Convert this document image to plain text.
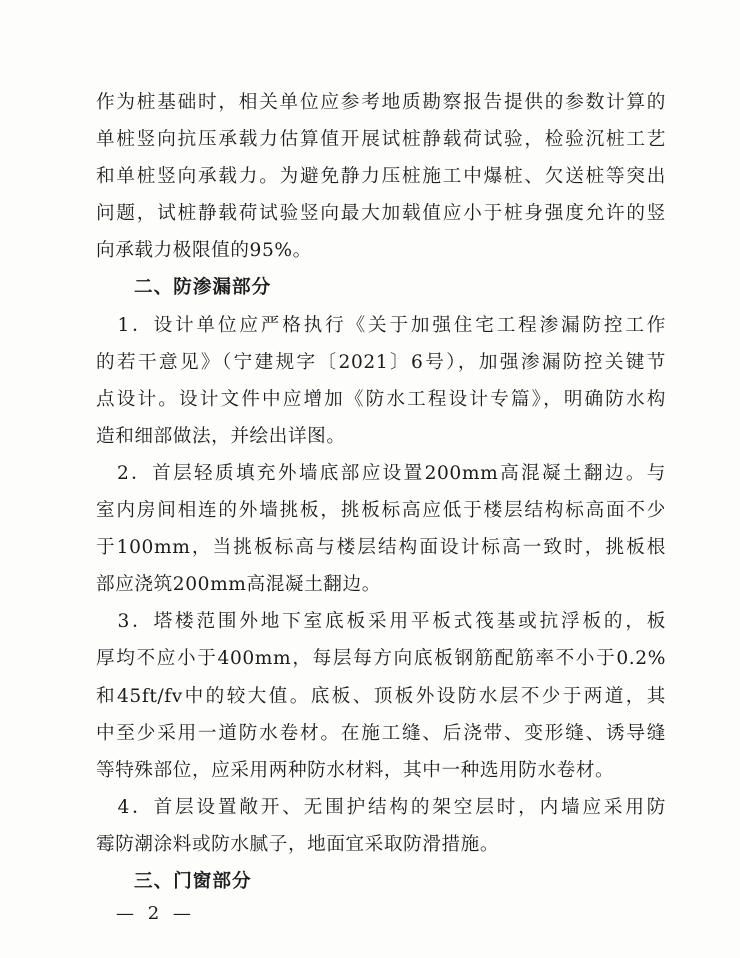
作为桩基础时，相关单位应参考地质勘察报告提供的参数计算的
单桩竖向抗压承载力估算值开展试桩静载荷试验，检验沉桩工艺
和单桩竖向承载力。为避免静力压桩施工中爆桩、欠送桩等突出
问题，试桩静载荷试验竖向最大加载值应小于桩身强度允许的竖
向承载力极限值的95%。
二、防渗漏部分
　1．设计单位应严格执行《关于加强住宅工程渗漏防控工作
的若干意见》（宁建规字〔2021〕6号），加强渗漏防控关键节
点设计。设计文件中应增加《防水工程设计专篇》，明确防水构
造和细部做法，并绘出详图。
　2．首层轻质填充外墙底部应设置200mm高混凝土翻边。与
室内房间相连的外墙挑板，挑板标高应低于楼层结构标高面不少
于100mm，当挑板标高与楼层结构面设计标高一致时，挑板根
部应浇筑200mm高混凝土翻边。
　3．塔楼范围外地下室底板采用平板式筏基或抗浮板的，板
厚均不应小于400mm，每层每方向底板钢筋配筋率不小于0.2%
和45ft/fv中的较大值。底板、顶板外设防水层不少于两道，其
中至少采用一道防水卷材。在施工缝、后浇带、变形缝、诱导缝
等特殊部位，应采用两种防水材料，其中一种选用防水卷材。
　4．首层设置敞开、无围护结构的架空层时，内墙应采用防
霉防潮涂料或防水腻子，地面宜采取防滑措施。
三、门窗部分
— 2 —
